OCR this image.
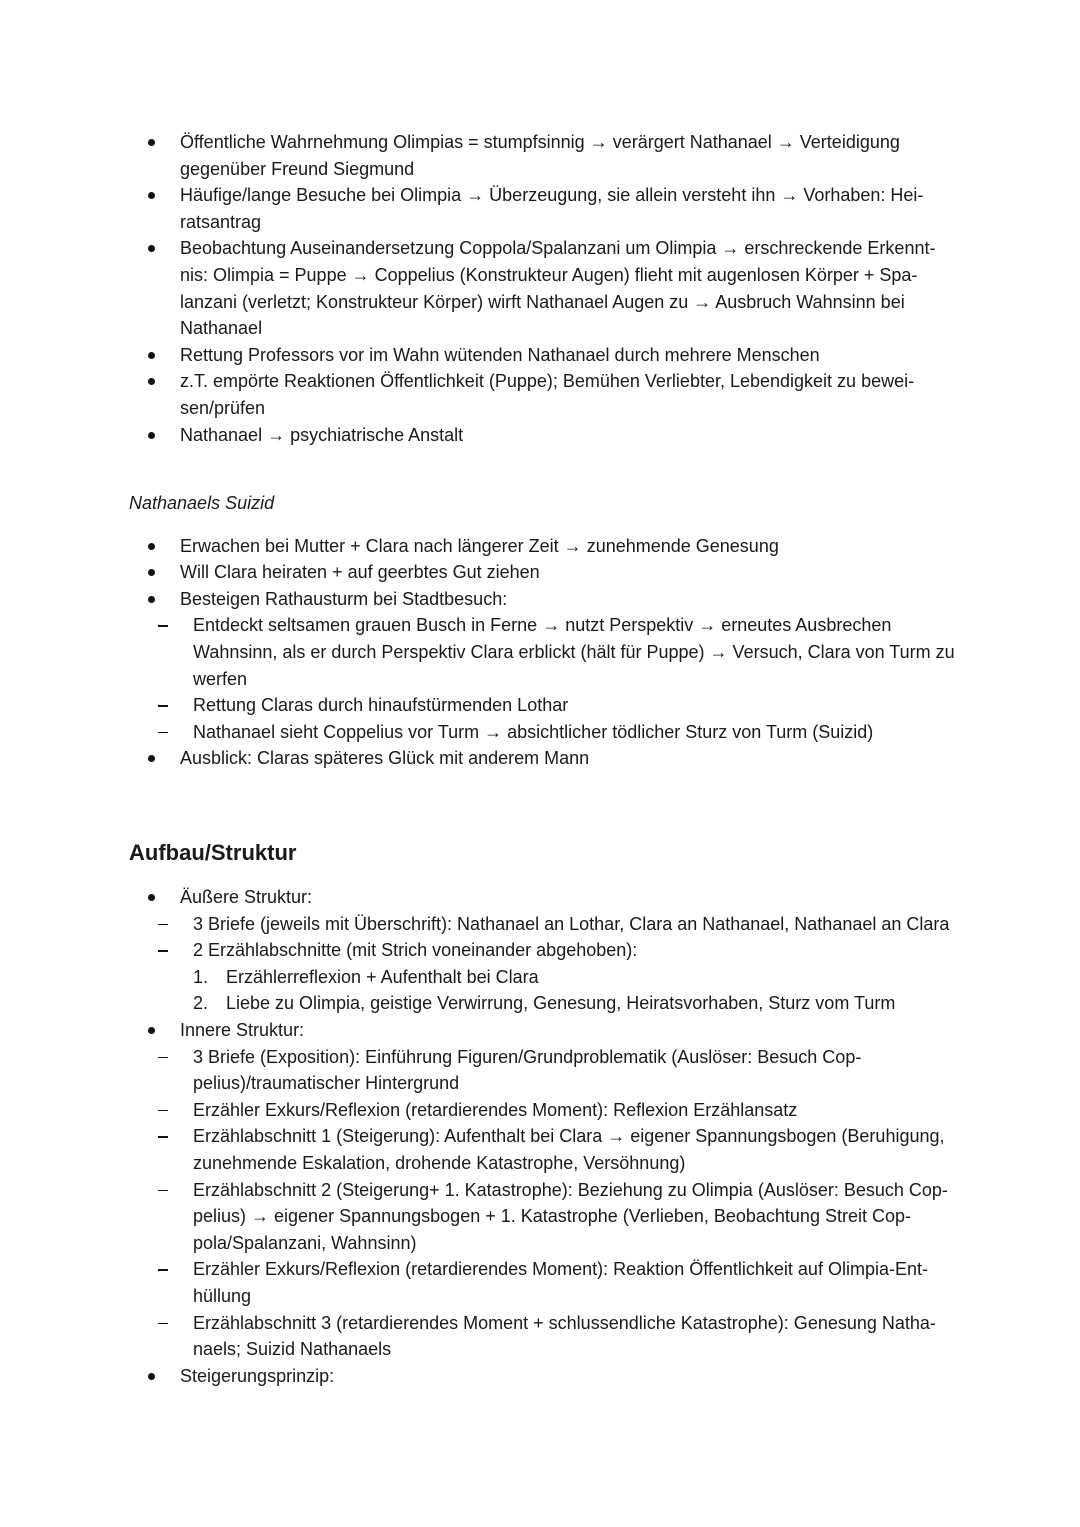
Öffentliche Wahrnehmung Olimpias = stumpfsinnig → verärgert Nathanael → Verteidigung gegenüber Freund Siegmund
Häufige/lange Besuche bei Olimpia → Überzeugung, sie allein versteht ihn → Vorhaben: Hei-ratsantrag
Beobachtung Auseinandersetzung Coppola/Spalanzani um Olimpia → erschreckende Erkennt-nis: Olimpia = Puppe → Coppelius (Konstrukteur Augen) flieht mit augenlosen Körper + Spa-lanzani (verletzt; Konstrukteur Körper) wirft Nathanael Augen zu → Ausbruch Wahnsinn bei Nathanael
Rettung Professors vor im Wahn wütenden Nathanael durch mehrere Menschen
z.T. empörte Reaktionen Öffentlichkeit (Puppe); Bemühen Verliebter, Lebendigkeit zu bewei-sen/prüfen
Nathanael → psychiatrische Anstalt
Nathanaels Suizid
Erwachen bei Mutter + Clara nach längerer Zeit → zunehmende Genesung
Will Clara heiraten + auf geerbtes Gut ziehen
Besteigen Rathausturm bei Stadtbesuch:
Entdeckt seltsamen grauen Busch in Ferne → nutzt Perspektiv → erneutes Ausbrechen Wahnsinn, als er durch Perspektiv Clara erblickt (hält für Puppe) → Versuch, Clara von Turm zu werfen
Rettung Claras durch hinaufstürmenden Lothar
Nathanael sieht Coppelius vor Turm → absichtlicher tödlicher Sturz von Turm (Suizid)
Ausblick: Claras späteres Glück mit anderem Mann
Aufbau/Struktur
Äußere Struktur:
3 Briefe (jeweils mit Überschrift): Nathanael an Lothar, Clara an Nathanael, Nathanael an Clara
2 Erzählabschnitte (mit Strich voneinander abgehoben):
1. Erzählerreflexion + Aufenthalt bei Clara
2. Liebe zu Olimpia, geistige Verwirrung, Genesung, Heiratsvorhaben, Sturz vom Turm
Innere Struktur:
3 Briefe (Exposition): Einführung Figuren/Grundproblematik (Auslöser: Besuch Cop-pelius)/traumatischer Hintergrund
Erzähler Exkurs/Reflexion (retardierendes Moment): Reflexion Erzählansatz
Erzählabschnitt 1 (Steigerung): Aufenthalt bei Clara → eigener Spannungsbogen (Beruhigung, zunehmende Eskalation, drohende Katastrophe, Versöhnung)
Erzählabschnitt 2 (Steigerung+ 1. Katastrophe): Beziehung zu Olimpia (Auslöser: Besuch Cop-pelius) → eigener Spannungsbogen + 1. Katastrophe (Verlieben, Beobachtung Streit Cop-pola/Spalanzani, Wahnsinn)
Erzähler Exkurs/Reflexion (retardierendes Moment): Reaktion Öffentlichkeit auf Olimpia-Ent-hüllung
Erzählabschnitt 3 (retardierendes Moment + schlussendliche Katastrophe): Genesung Natha-naels; Suizid Nathanaels
Steigerungsprinzip:
